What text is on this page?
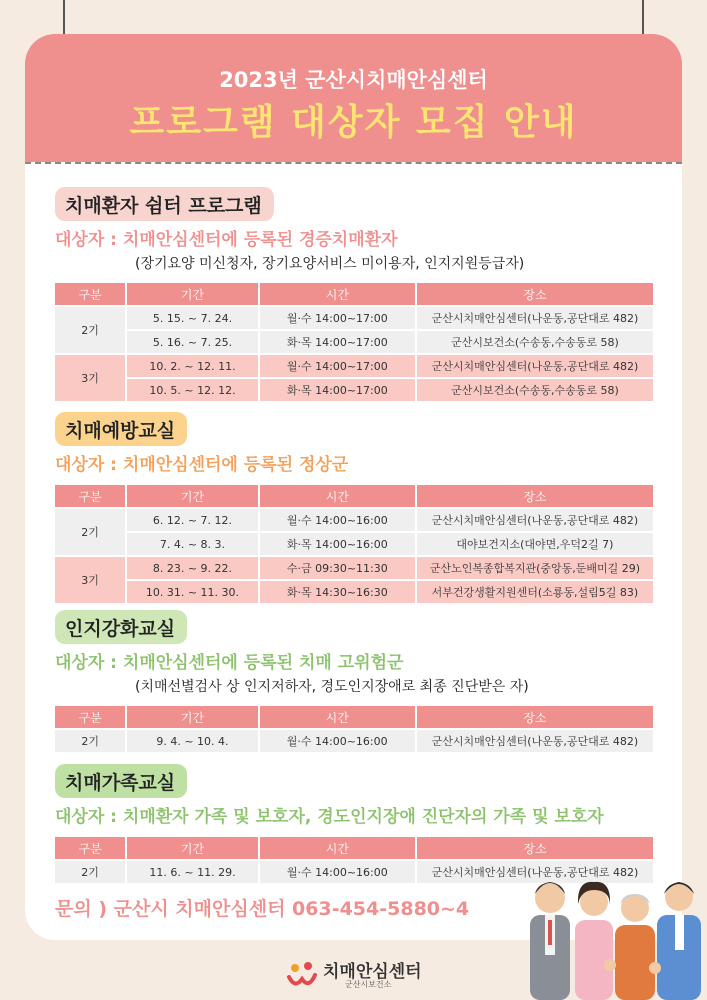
2023년 군산시치매안심센터
프로그램 대상자 모집 안내
치매환자 쉼터 프로그램
대상자 : 치매안심센터에 등록된 경증치매환자
(장기요양 미신청자, 장기요양서비스 미이용자, 인지지원등급자)
구분	기간	시간	장소
2기	5. 15. ~ 7. 24.	월·수 14:00~17:00	군산시치매안심센터(나운동,공단대로 482)
	5. 16. ~ 7. 25.	화·목 14:00~17:00	군산시보건소(수송동,수송동로 58)
3기	10. 2. ~ 12. 11.	월·수 14:00~17:00	군산시치매안심센터(나운동,공단대로 482)
	10. 5. ~ 12. 12.	화·목 14:00~17:00	군산시보건소(수송동,수송동로 58)
치매예방교실
대상자 : 치매안심센터에 등록된 정상군
구분	기간	시간	장소
2기	6. 12. ~ 7. 12.	월·수 14:00~16:00	군산시치매안심센터(나운동,공단대로 482)
	7. 4. ~ 8. 3.	화·목 14:00~16:00	대야보건지소(대야면,우덕2길 7)
3기	8. 23. ~ 9. 22.	수·금 09:30~11:30	군산노인복종합복지관(중앙동,둔배미길 29)
	10. 31. ~ 11. 30.	화·목 14:30~16:30	서부건강생활지원센터(소룡동,설림5길 83)
인지강화교실
대상자 : 치매안심센터에 등록된 치매 고위험군
(치매선별검사 상 인지저하자, 경도인지장애로 최종 진단받은 자)
구분	기간	시간	장소
2기	9. 4. ~ 10. 4.	월·수 14:00~16:00	군산시치매안심센터(나운동,공단대로 482)
치매가족교실
대상자 : 치매환자 가족 및 보호자, 경도인지장애 진단자의 가족 및 보호자
구분	기간	시간	장소
2기	11. 6. ~ 11. 29.	월·수 14:00~16:00	군산시치매안심센터(나운동,공단대로 482)
문의 ) 군산시 치매안심센터 063-454-5880~4
치매안심센터
군산시보건소
